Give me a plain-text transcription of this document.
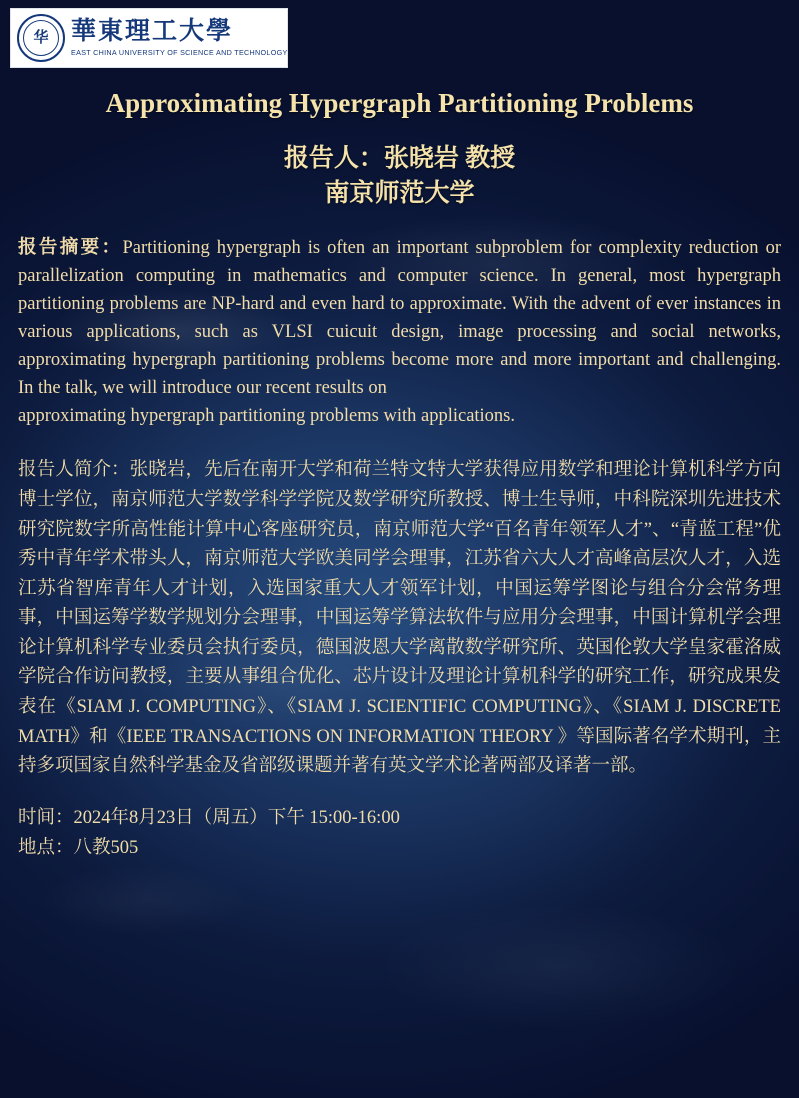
华 華東理工大學
EAST CHINA UNIVERSITY OF SCIENCE AND TECHNOLOGY
Approximating Hypergraph Partitioning Problems
报告人：张晓岩 教授
南京师范大学
报告摘要：Partitioning hypergraph is often an important subproblem for complexity reduction or parallelization computing in mathematics and computer science. In general, most hypergraph partitioning problems are NP-hard and even hard to approximate. With the advent of ever instances in various applications, such as VLSI cuicuit design, image processing and social networks, approximating hypergraph partitioning problems become more and more important and challenging. In the talk, we will introduce our recent results on
approximating hypergraph partitioning problems with applications.
报告人简介：张晓岩，先后在南开大学和荷兰特文特大学获得应用数学和理论计算机科学方向博士学位，南京师范大学数学科学学院及数学研究所教授、博士生导师，中科院深圳先进技术研究院数字所高性能计算中心客座研究员，南京师范大学“百名青年领军人才”、“青蓝工程”优秀中青年学术带头人，南京师范大学欧美同学会理事，江苏省六大人才高峰高层次人才，入选江苏省智库青年人才计划，入选国家重大人才领军计划，中国运筹学图论与组合分会常务理事，中国运筹学数学规划分会理事，中国运筹学算法软件与应用分会理事，中国计算机学会理论计算机科学专业委员会执行委员，德国波恩大学离散数学研究所、英国伦敦大学皇家霍洛威学院合作访问教授，主要从事组合优化、芯片设计及理论计算机科学的研究工作，研究成果发表在《SIAM J. COMPUTING》、《SIAM J. SCIENTIFIC COMPUTING》、《SIAM J. DISCRETE MATH》和《IEEE TRANSACTIONS ON INFORMATION THEORY 》等国际著名学术期刊，主持多项国家自然科学基金及省部级课题并著有英文学术论著两部及译著一部。
时间：2024年8月23日（周五）下午 15:00-16:00
地点：八教505
